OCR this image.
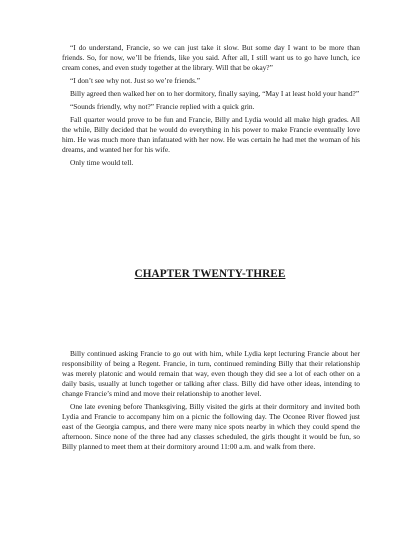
“I do understand, Francie, so we can just take it slow. But some day I want to be more than friends. So, for now, we’ll be friends, like you said. After all, I still want us to go have lunch, ice cream cones, and even study together at the library. Will that be okay?”

“I don’t see why not. Just so we’re friends.”

Billy agreed then walked her on to her dormitory, finally saying, “May I at least hold your hand?”

“Sounds friendly, why not?” Francie replied with a quick grin.

Fall quarter would prove to be fun and Francie, Billy and Lydia would all make high grades. All the while, Billy decided that he would do everything in his power to make Francie eventually love him. He was much more than infatuated with her now. He was certain he had met the woman of his dreams, and wanted her for his wife.

Only time would tell.

CHAPTER TWENTY-THREE

Billy continued asking Francie to go out with him, while Lydia kept lecturing Francie about her responsibility of being a Regent. Francie, in turn, continued reminding Billy that their relationship was merely platonic and would remain that way, even though they did see a lot of each other on a daily basis, usually at lunch together or talking after class. Billy did have other ideas, intending to change Francie’s mind and move their relationship to another level.

One late evening before Thanksgiving, Billy visited the girls at their dormitory and invited both Lydia and Francie to accompany him on a picnic the following day. The Oconee River flowed just east of the Georgia campus, and there were many nice spots nearby in which they could spend the afternoon. Since none of the three had any classes scheduled, the girls thought it would be fun, so Billy planned to meet them at their dormitory around 11:00 a.m. and walk from there.
